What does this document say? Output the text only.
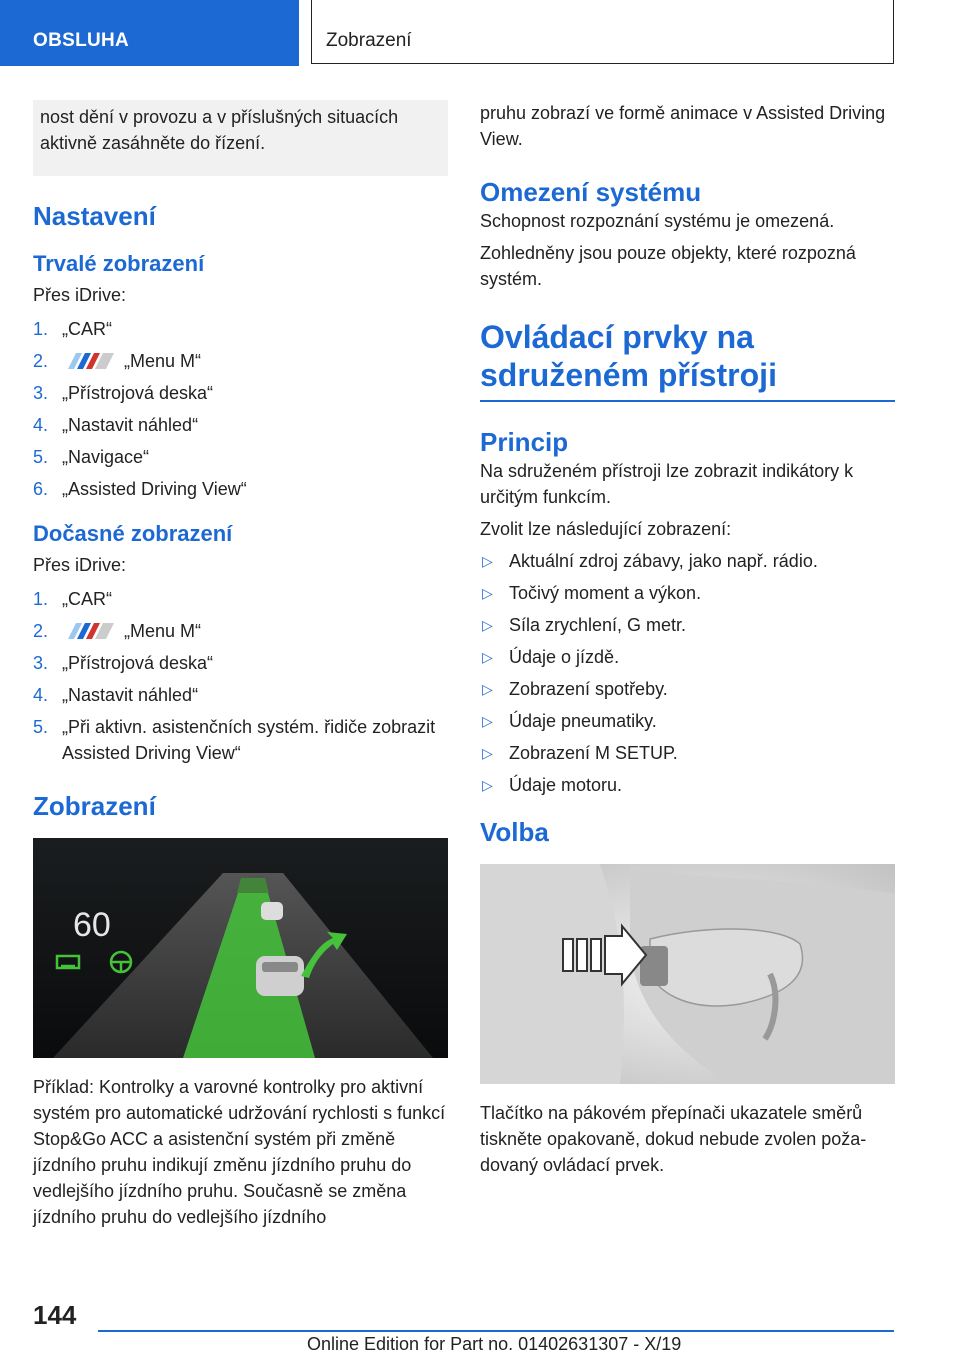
OBSLUHA	Zobrazení
nost dění v provozu a v příslušných situacích aktivně zasáhněte do řízení.
Nastavení
Trvalé zobrazení

Přes iDrive:

1. „CAR“
2.	„Menu M“
3. „Přístrojová deska“
4. „Nastavit náhled“
5. „Navigace“
6. „Assisted Driving View“
Dočasné zobrazení

Přes iDrive:

1. „CAR“
2.	„Menu M“
3. „Přístrojová deska“
4. „Nastavit náhled“
5. „Při aktivn. asistenčních systém. řidiče zobrazit Assisted Driving View“
Zobrazení
60

Příklad: Kontrolky a varovné kontrolky pro aktivní systém pro automatické udržování rychlosti s funkcí Stop&Go ACC a asistenční systém při změně jízdního pruhu indikují změnu jízdního pruhu do vedlejšího jízdního pruhu. Současně se změna jízdního pruhu do vedlejšího jízdního

pruhu zobrazí ve formě animace v Assisted Driving View.

Omezení systému

Schopnost rozpoznání systému je omezená.

Zohledněny jsou pouze objekty, které rozpozná systém.

Ovládací prvky na sdruženém přístroji
Princip

Na sdruženém přístroji lze zobrazit indikátory k určitým funkcím.

Zvolit lze následující zobrazení:

▷ Aktuální zdroj zábavy, jako např. rádio.
▷ Točivý moment a výkon.
▷ Síla zrychlení, G metr.
▷ Údaje o jízdě.
▷ Zobrazení spotřeby.
▷ Údaje pneumatiky.
▷ Zobrazení M SETUP.
▷ Údaje motoru.
Volba

Tlačítko na pákovém přepínači ukazatele směrů tiskněte opakovaně, dokud nebude zvolen požadovaný ovládací prvek.

144
Online Edition for Part no. 01402631307 - X/19
